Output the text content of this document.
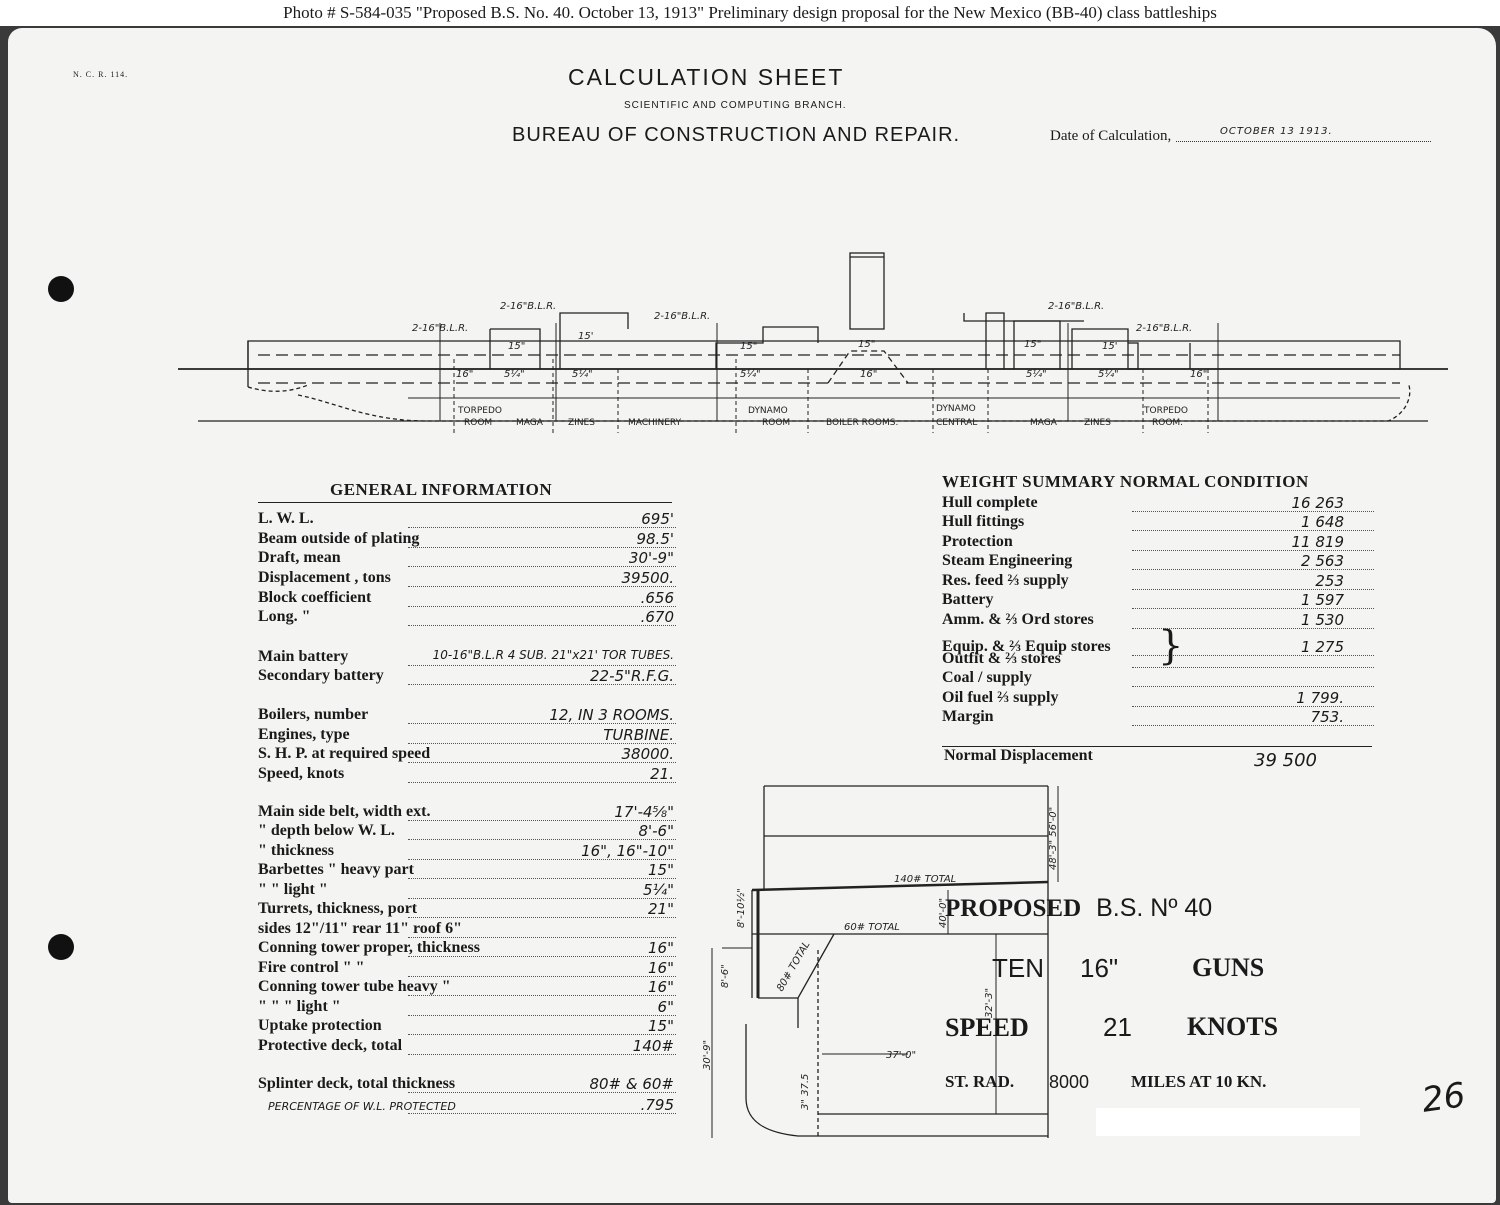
Photo # S-584-035 "Proposed B.S. No. 40. October 13, 1913" Preliminary design proposal for the New Mexico (BB-40) class battleships
N. C. R. 114.	CALCULATION SHEET
SCIENTIFIC AND COMPUTING BRANCH.
BUREAU OF CONSTRUCTION AND REPAIR.	Date of Calculation,	OCTOBER 13 1913.
2-16"B.L.R.
2-16"B.L.R.
2-16"B.L.R.
2-16"B.L.R.
2-16"B.L.R.
15"
15'
15"	15"	15"	15'
5¼"	5¼"	5¼"	5¼"	5¼"
16"
16"	16"
TORPEDO
ROOM	MAGA	ZINES	MACHINERY
DYNAMO
ROOM	BOILER ROOMS.
DYNAMO
CENTRAL	MAGA	ZINES
TORPEDO
ROOM.
GENERAL INFORMATION
L. W. L.	695'
Beam outside of plating	98.5'
Draft, mean	30'-9"
Displacement , tons	39500.
Block coefficient	.656
Long. "	.670
Main battery	10-16"B.L.R 4 SUB. 21"x21' TOR TUBES.
Secondary battery	22-5"R.F.G.
Boilers, number	12, IN 3 ROOMS.
Engines, type	TURBINE.
S. H. P. at required speed	38000.
Speed, knots	21.
Main side belt, width ext.	17'-4⅝"
" depth below W. L.	8'-6"
" thickness	16", 16"-10"
Barbettes " heavy part	15"
" " light "	5¼"
Turrets, thickness, port	21"
sides 12"/11" rear 11" roof 6"
Conning tower proper, thickness	16"
Fire control " "	16"
Conning tower tube heavy "	16"
" " " light "	6"
Uptake protection	15"
Protective deck, total	140#
Splinter deck, total thickness	80# & 60#
PERCENTAGE OF W.L. PROTECTED	.795
WEIGHT SUMMARY NORMAL CONDITION
Hull complete	16 263
Hull fittings	1 648
Protection	11 819
Steam Engineering	2 563
Res. feed ⅔ supply	253
Battery	1 597
Amm. & ⅔ Ord stores	1 530
Equip. & ⅔ Equip stores	1 275
Outfit & ⅔ stores
Coal / supply
Oil fuel ⅔ supply	1 799.
Margin	753.
}
Normal Displacement	39 500
140# TOTAL
60# TOTAL
80# TOTAL
37'-0"
32'-3"
40'-0"
48'-3" 56'-0"
8'-10½"
8'-6"
30'-9"
3" 37.5
PROPOSED B.S. Nº 40
TEN 16"	GUNS
SPEED	21 KNOTS
ST. RAD. 8000 MILES AT 10 KN.	26
